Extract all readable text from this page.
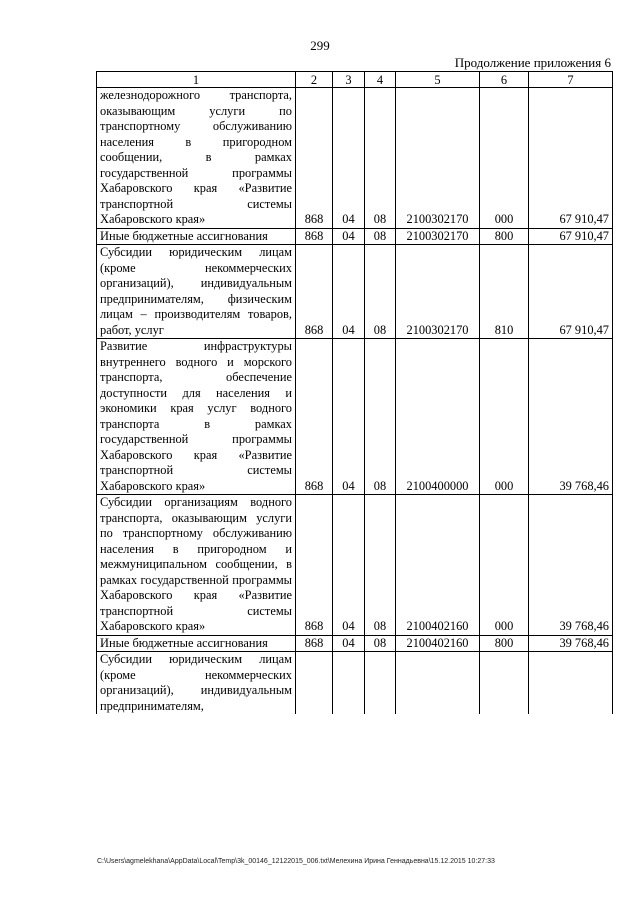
299
Продолжение приложения 6
1	2	3	4	5	6	7
железнодорожного транспорта, оказывающим услуги по транспортному обслуживанию населения в пригородном сообщении, в рамках государственной программы Хабаровского края «Развитие транспортной системы Хабаровского края»	868	04	08	2100302170	000	67 910,47
Иные бюджетные ассигнования	868	04	08	2100302170	800	67 910,47
Субсидии юридическим лицам (кроме некоммерческих организаций), индивидуальным предпринимателям, физическим лицам – производителям товаров, работ, услуг	868	04	08	2100302170	810	67 910,47
Развитие инфраструктуры внутреннего водного и морского транспорта, обеспечение доступности для населения и экономики края услуг водного транспорта в рамках государственной программы Хабаровского края «Развитие транспортной системы Хабаровского края»	868	04	08	2100400000	000	39 768,46
Субсидии организациям водного транспорта, оказывающим услуги по транспортному обслуживанию населения в пригородном и межмуниципальном сообщении, в рамках государственной программы Хабаровского края «Развитие транспортной системы Хабаровского края»	868	04	08	2100402160	000	39 768,46
Иные бюджетные ассигнования	868	04	08	2100402160	800	39 768,46
Субсидии юридическим лицам (кроме некоммерческих организаций), индивидуальным предпринимателям,						
C:\Users\agmelekhana\AppData\Local\Temp\3k_00146_12122015_006.txt\Мелехина Ирина Геннадьевна\15.12.2015 10:27:33
